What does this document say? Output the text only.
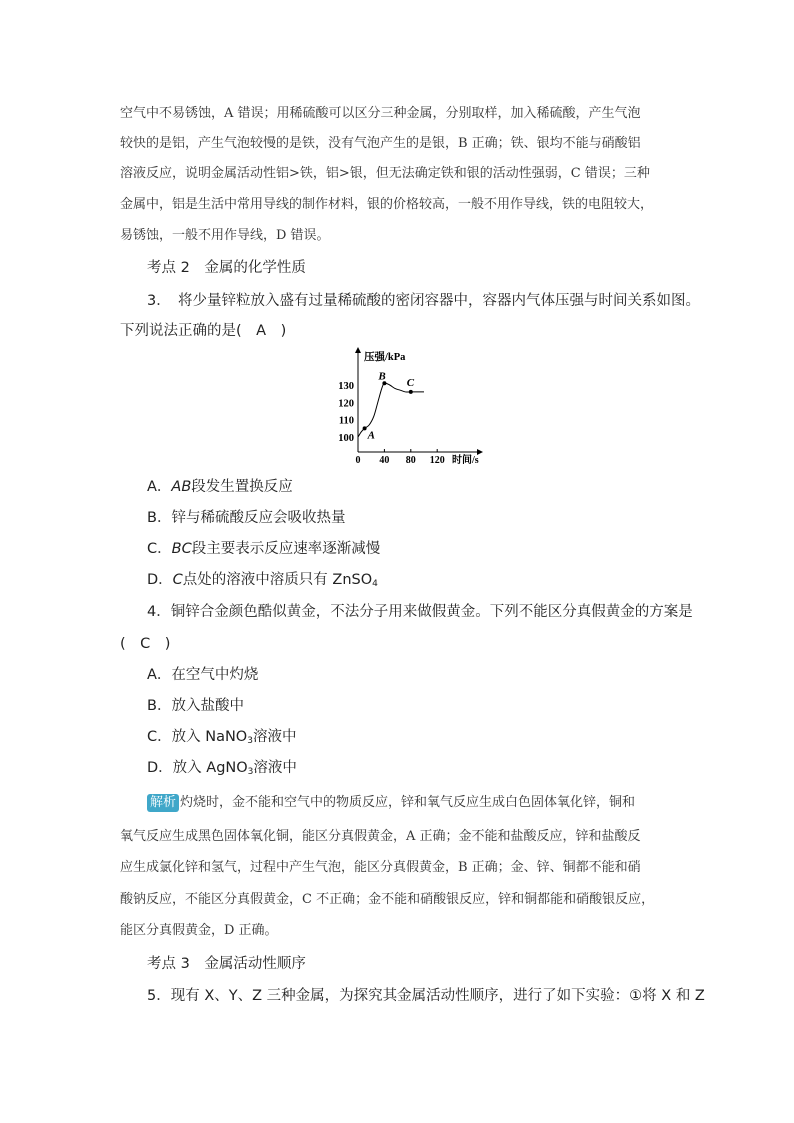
空气中不易锈蚀，A 错误；用稀硫酸可以区分三种金属，分别取样，加入稀硫酸，产生气泡
较快的是铝，产生气泡较慢的是铁，没有气泡产生的是银，B 正确；铁、银均不能与硝酸铝
溶液反应，说明金属活动性铝>铁，铝>银，但无法确定铁和银的活动性强弱，C 错误；三种
金属中，铝是生活中常用导线的制作材料，银的价格较高，一般不用作导线，铁的电阻较大，
易锈蚀，一般不用作导线，D 错误。
考点 2　金属的化学性质
3．　将少量锌粒放入盛有过量稀硫酸的密闭容器中，容器内气体压强与时间关系如图。
下列说法正确的是(　A　)
压强/kPa
时间/s
100
110
120
130
0 40 80 120
A
B
C
A．AB段发生置换反应
B．锌与稀硫酸反应会吸收热量
C．BC段主要表示反应速率逐渐减慢
D．C点处的溶液中溶质只有 ZnSO$_4$
4．铜锌合金颜色酷似黄金，不法分子用来做假黄金。下列不能区分真假黄金的方案是
(　C　)
A．在空气中灼烧
B．放入盐酸中
C．放入 NaNO$_3$溶液中
D．放入 AgNO$_3$溶液中
解析 灼烧时，金不能和空气中的物质反应，锌和氧气反应生成白色固体氧化锌，铜和
氧气反应生成黑色固体氧化铜，能区分真假黄金，A 正确；金不能和盐酸反应，锌和盐酸反
应生成氯化锌和氢气，过程中产生气泡，能区分真假黄金，B 正确；金、锌、铜都不能和硝
酸钠反应，不能区分真假黄金，C 不正确；金不能和硝酸银反应，锌和铜都能和硝酸银反应，
能区分真假黄金，D 正确。
考点 3　金属活动性顺序
5．现有 X、Y、Z 三种金属，为探究其金属活动性顺序，进行了如下实验：①将 X 和 Z
